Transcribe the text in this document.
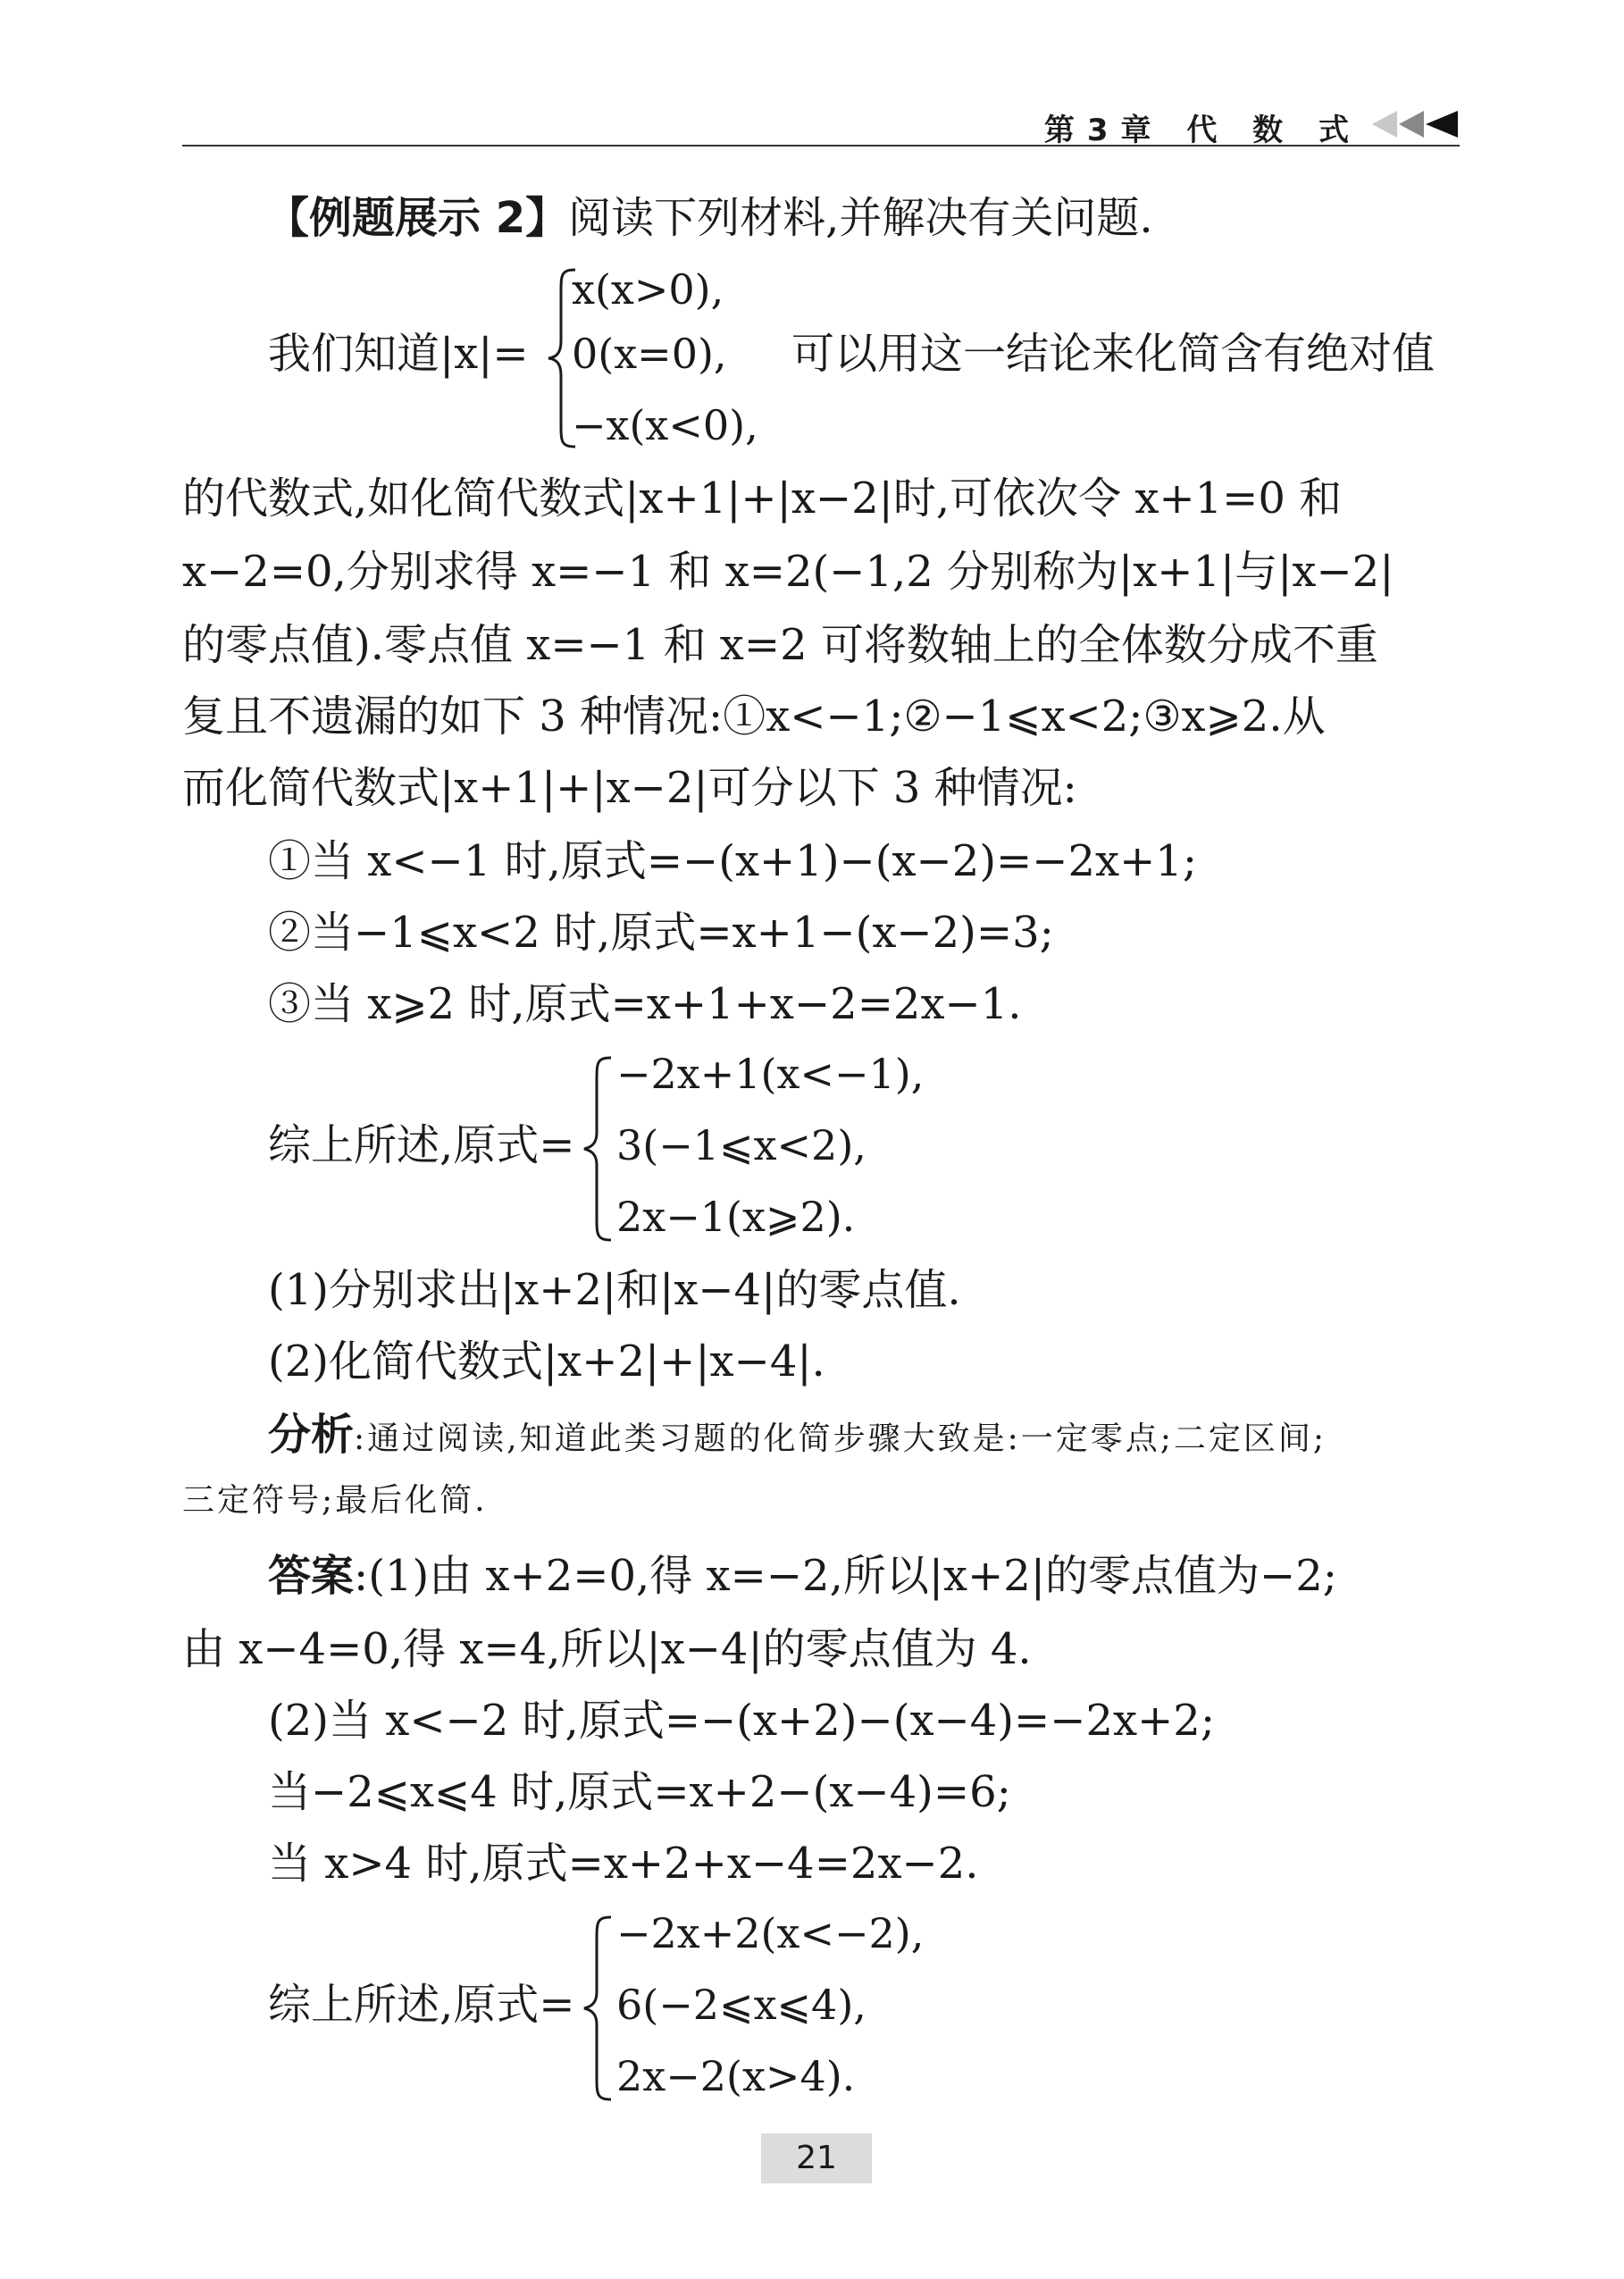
第3章 代 数 式
【例题展示 2】阅读下列材料,并解决有关问题.
我们知道|x|=
x(x>0),
0(x=0),
−x(x<0),
可以用这一结论来化简含有绝对值
的代数式,如化简代数式|x+1|+|x−2|时,可依次令 x+1=0 和
x−2=0,分别求得 x=−1 和 x=2(−1,2 分别称为|x+1|与|x−2|
的零点值).零点值 x=−1 和 x=2 可将数轴上的全体数分成不重
复且不遗漏的如下 3 种情况:①x<−1;②−1⩽x<2;③x⩾2.从
而化简代数式|x+1|+|x−2|可分以下 3 种情况:
①当 x<−1 时,原式=−(x+1)−(x−2)=−2x+1;
②当−1⩽x<2 时,原式=x+1−(x−2)=3;
③当 x⩾2 时,原式=x+1+x−2=2x−1.
综上所述,原式=
−2x+1(x<−1),
3(−1⩽x<2),
2x−1(x⩾2).
(1)分别求出|x+2|和|x−4|的零点值.
(2)化简代数式|x+2|+|x−4|.
分析:通过阅读,知道此类习题的化简步骤大致是:一定零点;二定区间;
三定符号;最后化简.
答案:(1)由 x+2=0,得 x=−2,所以|x+2|的零点值为−2;
由 x−4=0,得 x=4,所以|x−4|的零点值为 4.
(2)当 x<−2 时,原式=−(x+2)−(x−4)=−2x+2;
当−2⩽x⩽4 时,原式=x+2−(x−4)=6;
当 x>4 时,原式=x+2+x−4=2x−2.
综上所述,原式=
−2x+2(x<−2),
6(−2⩽x⩽4),
2x−2(x>4).
21
